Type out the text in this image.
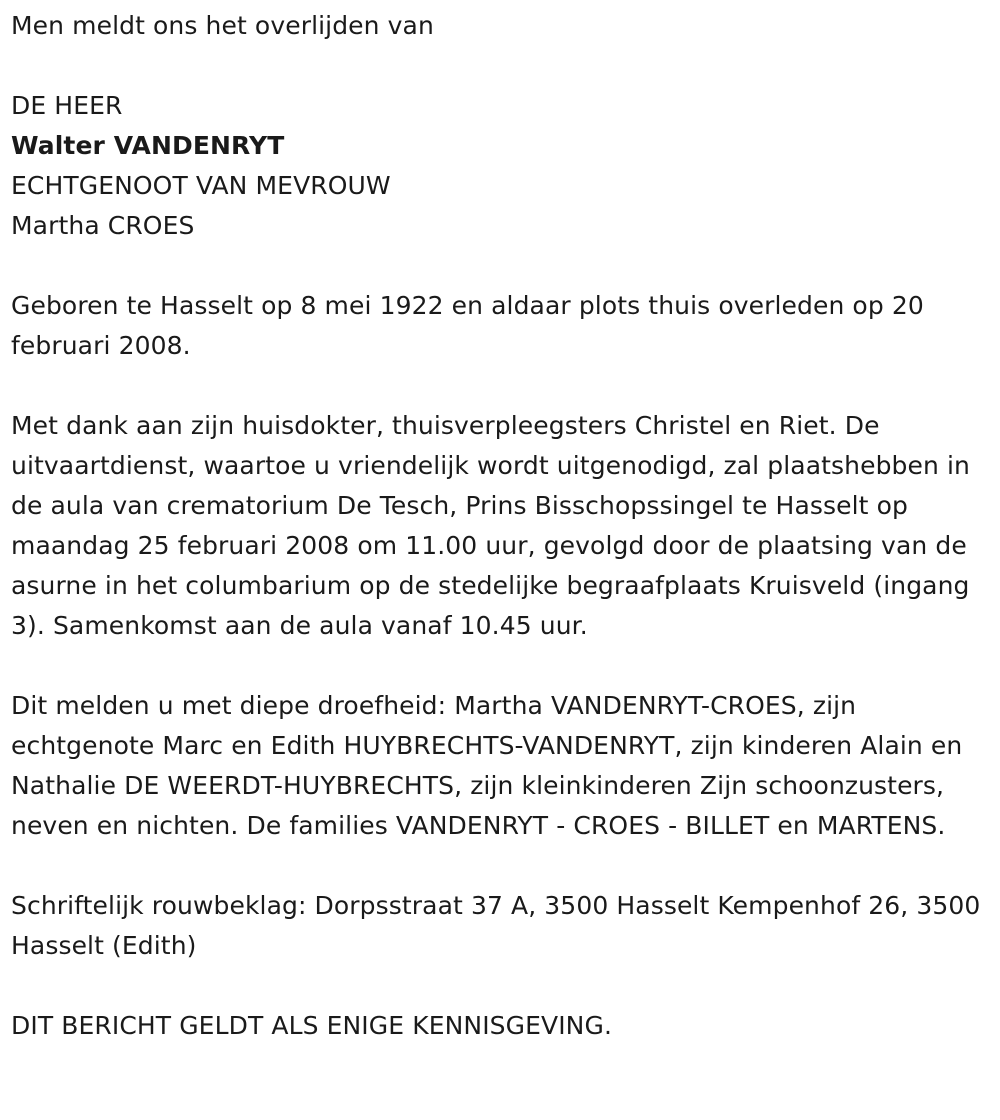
Men meldt ons het overlijden van
DE HEER
Walter VANDENRYT
ECHTGENOOT VAN MEVROUW
Martha CROES

Geboren te Hasselt op 8 mei 1922 en aldaar plots thuis overleden op 20 februari 2008.

Met dank aan zijn huisdokter, thuisverpleegsters Christel en Riet. De uitvaartdienst, waartoe u vriendelijk wordt uitgenodigd, zal plaatshebben in de aula van crematorium De Tesch, Prins Bisschopssingel te Hasselt op maandag 25 februari 2008 om 11.00 uur, gevolgd door de plaatsing van de asurne in het columbarium op de stedelijke begraafplaats Kruisveld (ingang 3). Samenkomst aan de aula vanaf 10.45 uur.

Dit melden u met diepe droefheid: Martha VANDENRYT-CROES, zijn echtgenote Marc en Edith HUYBRECHTS-VANDENRYT, zijn kinderen Alain en Nathalie DE WEERDT-HUYBRECHTS, zijn kleinkinderen Zijn schoonzusters, neven en nichten. De families VANDENRYT - CROES - BILLET en MARTENS.

Schriftelijk rouwbeklag: Dorpsstraat 37 A, 3500 Hasselt Kempenhof 26, 3500 Hasselt (Edith)

DIT BERICHT GELDT ALS ENIGE KENNISGEVING.
